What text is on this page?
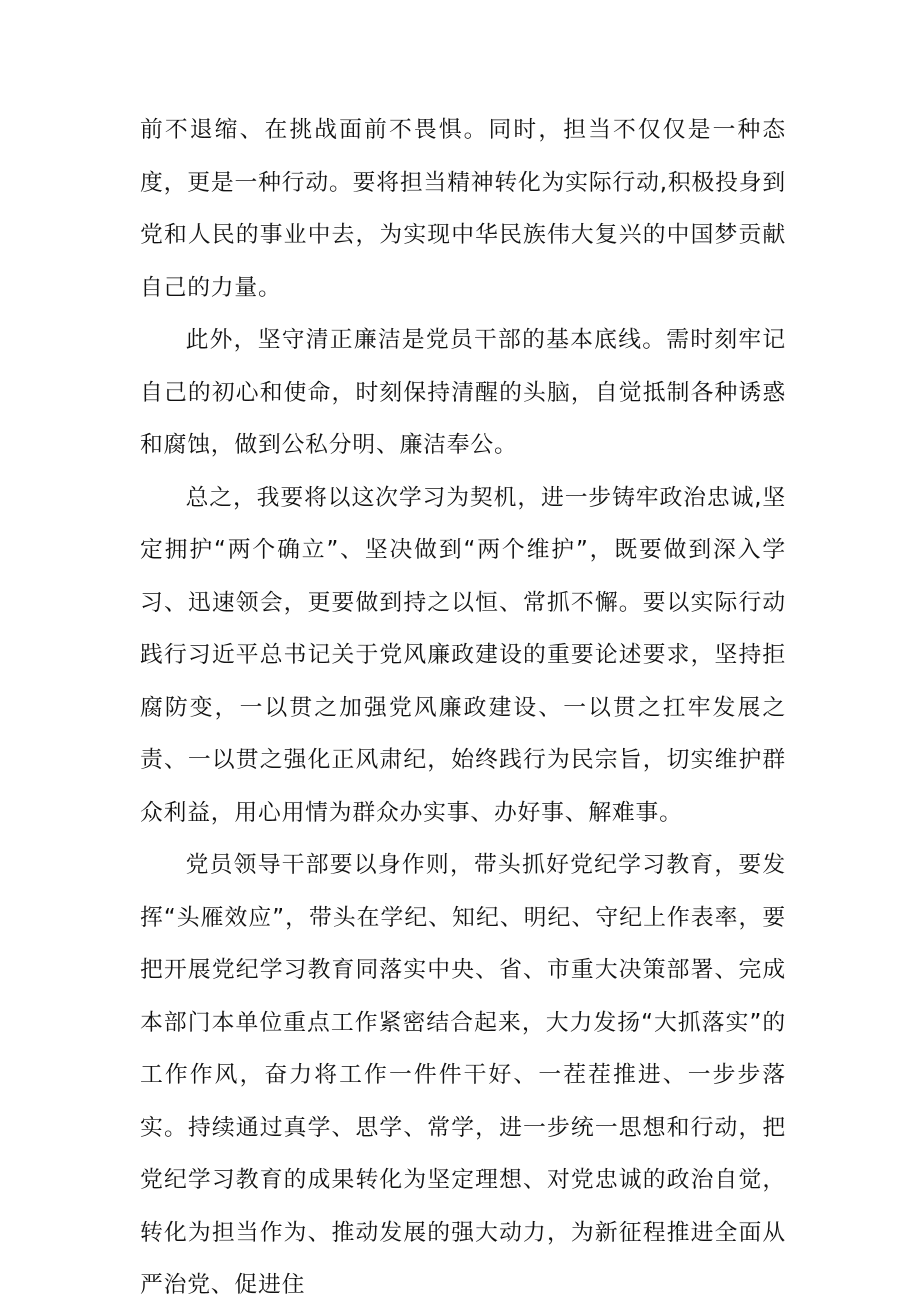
前不退缩、在挑战面前不畏惧。同时，担当不仅仅是一种态度，更是一种行动。要将担当精神转化为实际行动,积极投身到党和人民的事业中去，为实现中华民族伟大复兴的中国梦贡献自己的力量。

此外，坚守清正廉洁是党员干部的基本底线。需时刻牢记自己的初心和使命，时刻保持清醒的头脑，自觉抵制各种诱惑和腐蚀，做到公私分明、廉洁奉公。

总之，我要将以这次学习为契机，进一步铸牢政治忠诚,坚定拥护“两个确立”、坚决做到“两个维护”，既要做到深入学习、迅速领会，更要做到持之以恒、常抓不懈。要以实际行动践行习近平总书记关于党风廉政建设的重要论述要求，坚持拒腐防变，一以贯之加强党风廉政建设、一以贯之扛牢发展之责、一以贯之强化正风肃纪，始终践行为民宗旨，切实维护群众利益，用心用情为群众办实事、办好事、解难事。

党员领导干部要以身作则，带头抓好党纪学习教育，要发挥“头雁效应”，带头在学纪、知纪、明纪、守纪上作表率，要把开展党纪学习教育同落实中央、省、市重大决策部署、完成本部门本单位重点工作紧密结合起来，大力发扬“大抓落实”的工作作风，奋力将工作一件件干好、一茬茬推进、一步步落实。持续通过真学、思学、常学，进一步统一思想和行动，把党纪学习教育的成果转化为坚定理想、对党忠诚的政治自觉，转化为担当作为、推动发展的强大动力，为新征程推进全面从严治党、促进住
